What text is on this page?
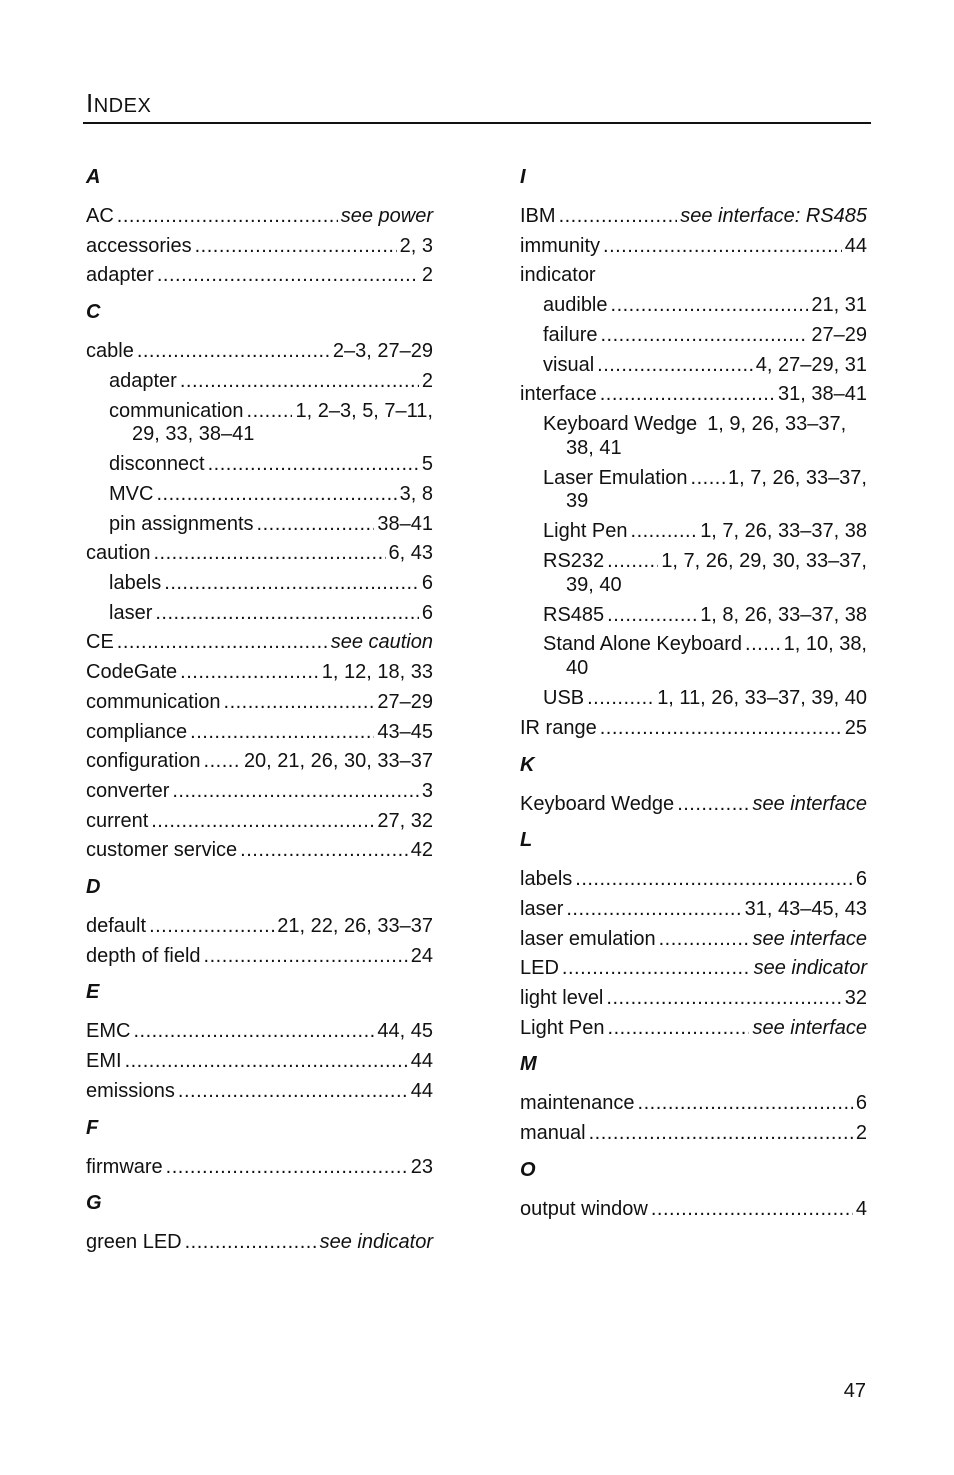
INDEX
A
AC .....	see power
accessories .....	2, 3
adapter .....	2
C
cable .....	2–3, 27–29
adapter .....	2
communication .....	1, 2–3, 5, 7–11,
29, 33, 38–41
disconnect .....	5
MVC .....	3, 8
pin assignments .....	38–41
caution .....	6, 43
labels .....	6
laser .....	6
CE .....	see caution
CodeGate .....	1, 12, 18, 33
communication .....	27–29
compliance .....	43–45
configuration ..... 20, 21, 26, 30, 33–37
converter .....	3
current .....	27, 32
customer service .....	42
D
default .....	21, 22, 26, 33–37
depth of field .....	24
E
EMC .....	44, 45
EMI .....	44
emissions .....	44
F
firmware .....	23
G
green LED .....	see indicator
I
IBM .....	see interface: RS485
immunity .....	44
indicator
audible .....	21, 31
failure .....	27–29
visual .....	4, 27–29, 31
interface .....	31, 38–41
Keyboard Wedge 1, 9, 26, 33–37,
38, 41
Laser Emulation ..... 1, 7, 26, 33–37,
39
Light Pen .....	1, 7, 26, 33–37, 38
RS232 .....	1, 7, 26, 29, 30, 33–37,
39, 40
RS485 .....	1, 8, 26, 33–37, 38
Stand Alone Keyboard ..... 1, 10, 38,
40
USB .....	1, 11, 26, 33–37, 39, 40
IR range .....	25
K
Keyboard Wedge .....	see interface
L
labels .....	6
laser .....	31, 43–45, 43
laser emulation .....	see interface
LED .....	see indicator
light level .....	32
Light Pen .....	see interface
M
maintenance .....	6
manual .....	2
O
output window .....	4
47
